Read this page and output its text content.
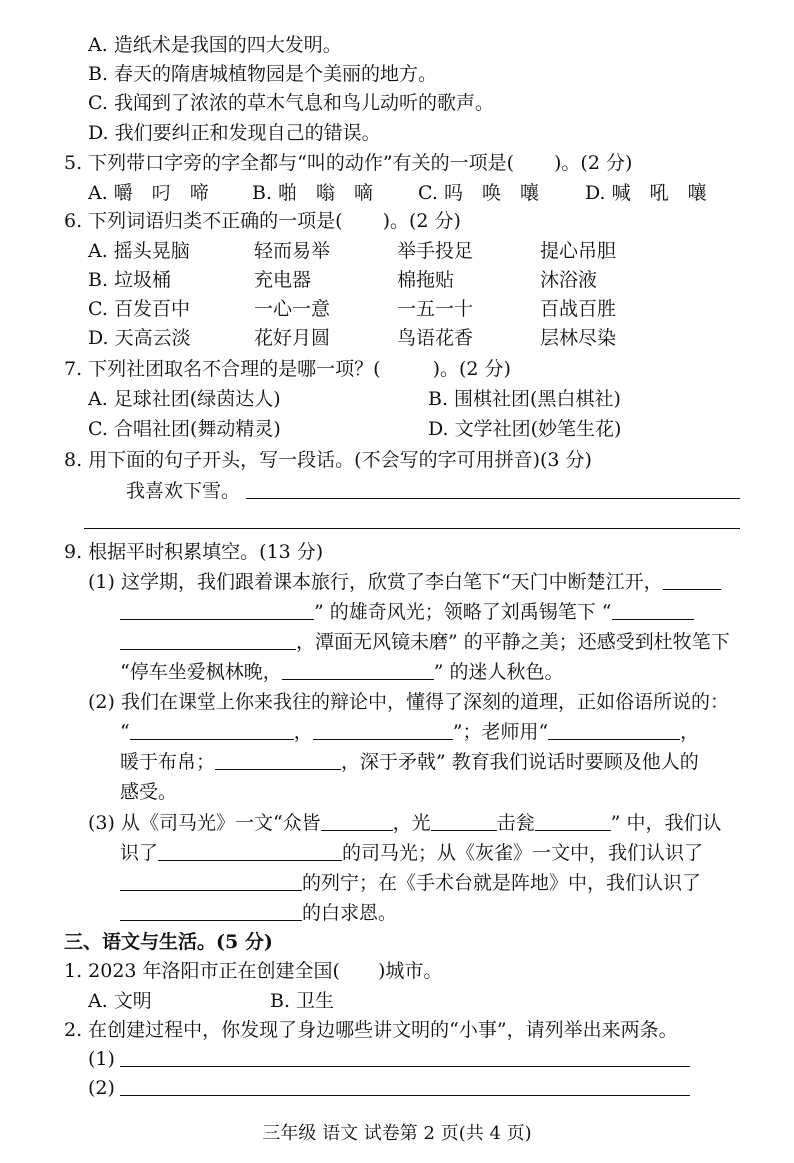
A. 造纸术是我国的四大发明。
B. 春天的隋唐城植物园是个美丽的地方。
C. 我闻到了浓浓的草木气息和鸟儿动听的歌声。
D. 我们要纠正和发现自己的错误。
5. 下列带口字旁的字全都与“叫的动作”有关的一项是( )。(2 分)
A. 嚼　叼　啼 B. 啪　嗡　嘀 C. 吗　唤　嚷 D. 喊　吼　嚷
6. 下列词语归类不正确的一项是( )。(2 分)
A. 摇头晃脑	轻而易举	举手投足	提心吊胆
B. 垃圾桶	充电器	棉拖贴	沐浴液
C. 百发百中	一心一意	一五一十	百战百胜
D. 天高云淡	花好月圆	鸟语花香	层林尽染
7. 下列社团取名不合理的是哪一项？(	)。(2 分)
A. 足球社团(绿茵达人)	B. 围棋社团(黑白棋社)
C. 合唱社团(舞动精灵)	D. 文学社团(妙笔生花)
8. 用下面的句子开头，写一段话。(不会写的字可用拼音)(3 分)
我喜欢下雪。
9. 根据平时积累填空。(13 分)
(1) 这学期，我们跟着课本旅行，欣赏了李白笔下“天门中断楚江开，
” 的雄奇风光；领略了刘禹锡笔下 “
，潭面无风镜未磨” 的平静之美；还感受到杜牧笔下
“停车坐爱枫林晚，	” 的迷人秋色。
(2) 我们在课堂上你来我往的辩论中，懂得了深刻的道理，正如俗语所说的：
“	，	”；老师用“	，
暖于布帛；	，深于矛戟” 教育我们说话时要顾及他人的
感受。
(3) 从《司马光》一文“众皆	，光	击瓮	” 中，我们认
识了	的司马光；从《灰雀》一文中，我们认识了
的列宁；在《手术台就是阵地》中，我们认识了
的白求恩。
三、语文与生活。(5 分)
1. 2023 年洛阳市正在创建全国( )城市。
A. 文明	B. 卫生
2. 在创建过程中，你发现了身边哪些讲文明的“小事”，请列举出来两条。
(1)
(2)
三年级 语文 试卷第 2 页(共 4 页)
